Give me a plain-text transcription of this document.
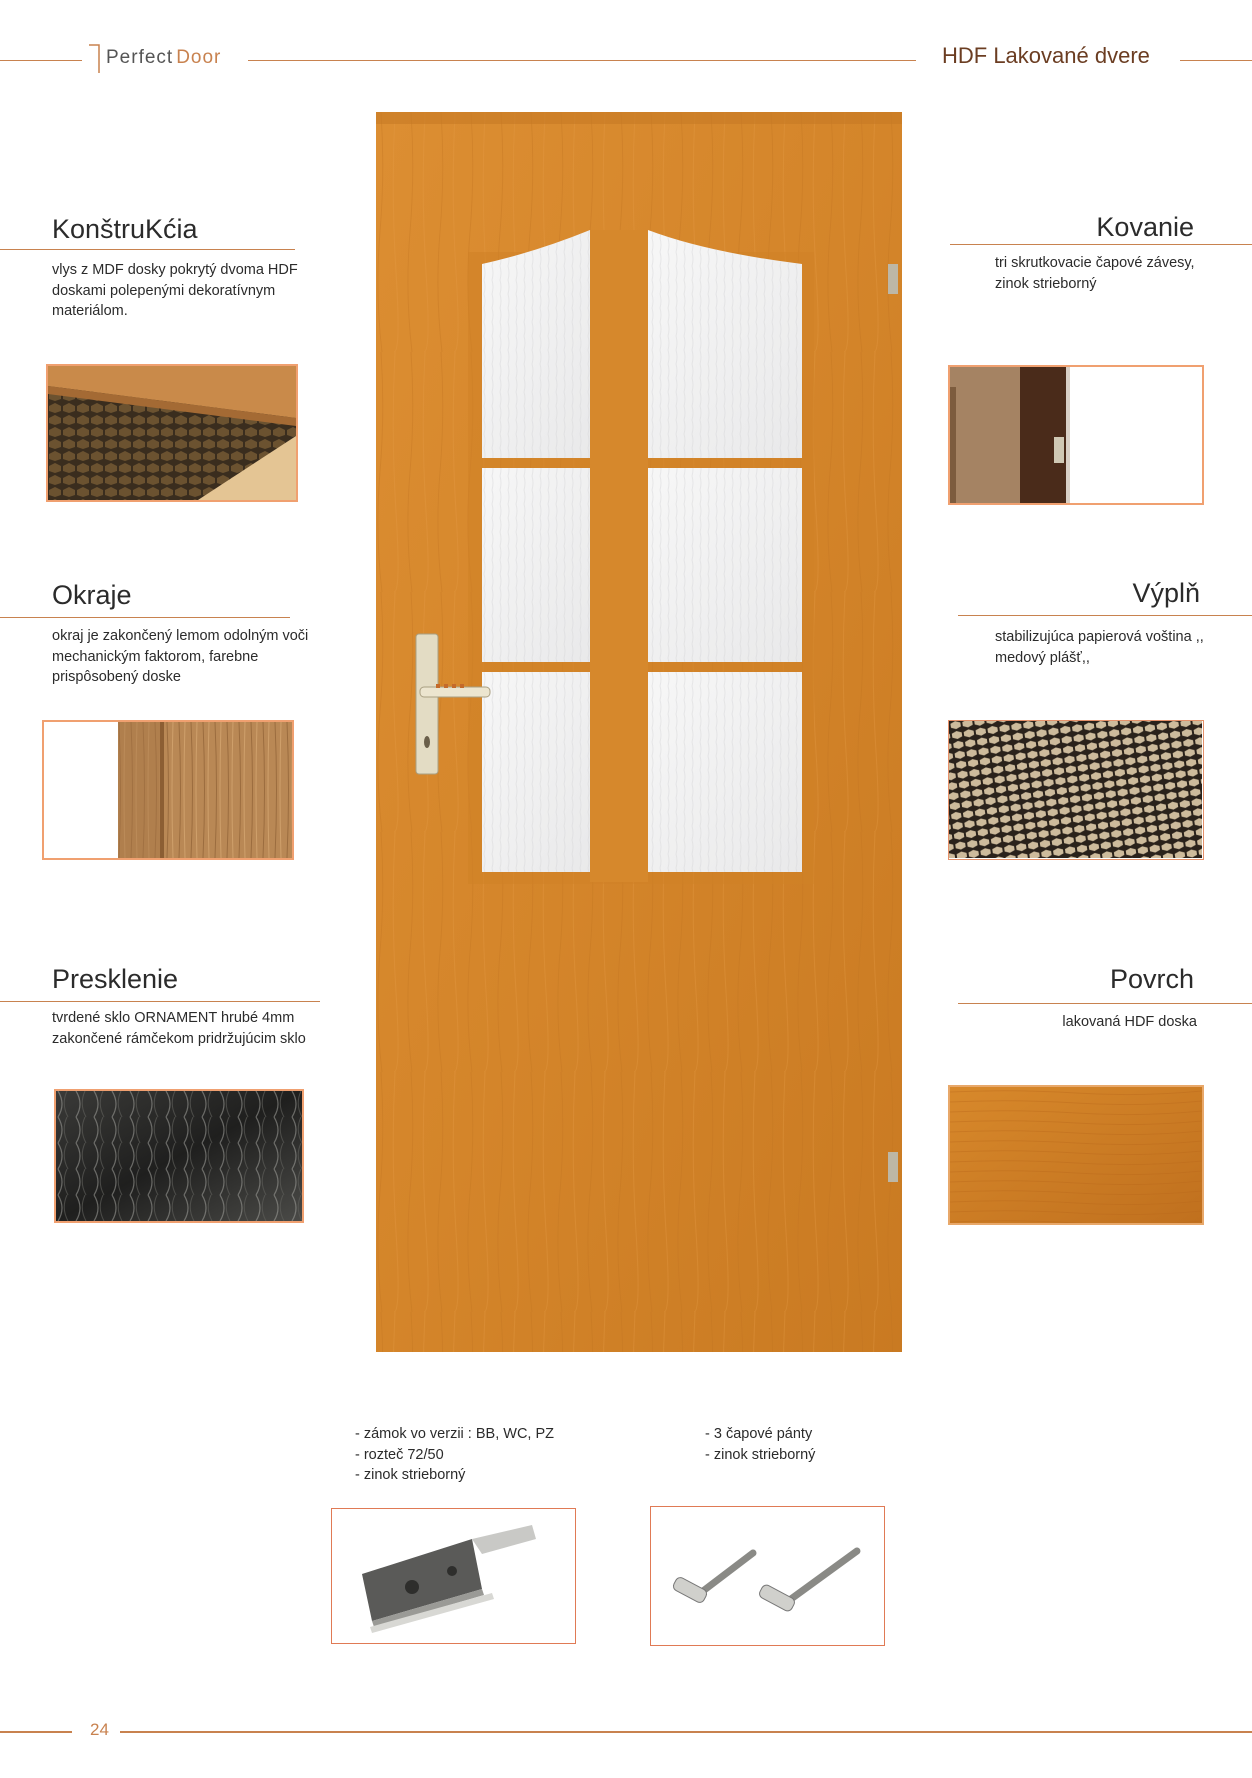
Perfect Door	HDF Lakované dvere
KonštruKćia
vlys z MDF dosky pokrytý dvoma HDF doskami polepenými dekoratívnym materiálom.
Kovanie
tri skrutkovacie čapové závesy, zinok strieborný
Okraje
okraj je zakončený lemom odolným voči mechanickým faktorom, farebne prispôsobený doske
Výplň
stabilizujúca papierová voština ,, medový plášť,,
Presklenie
tvrdené sklo ORNAMENT hrubé 4mm zakončené rámčekom pridržujúcim sklo
Povrch
lakovaná HDF doska
- zámok vo verzii : BB, WC, PZ
- rozteč 72/50
- zinok strieborný
- 3 čapové pánty
- zinok strieborný
24
